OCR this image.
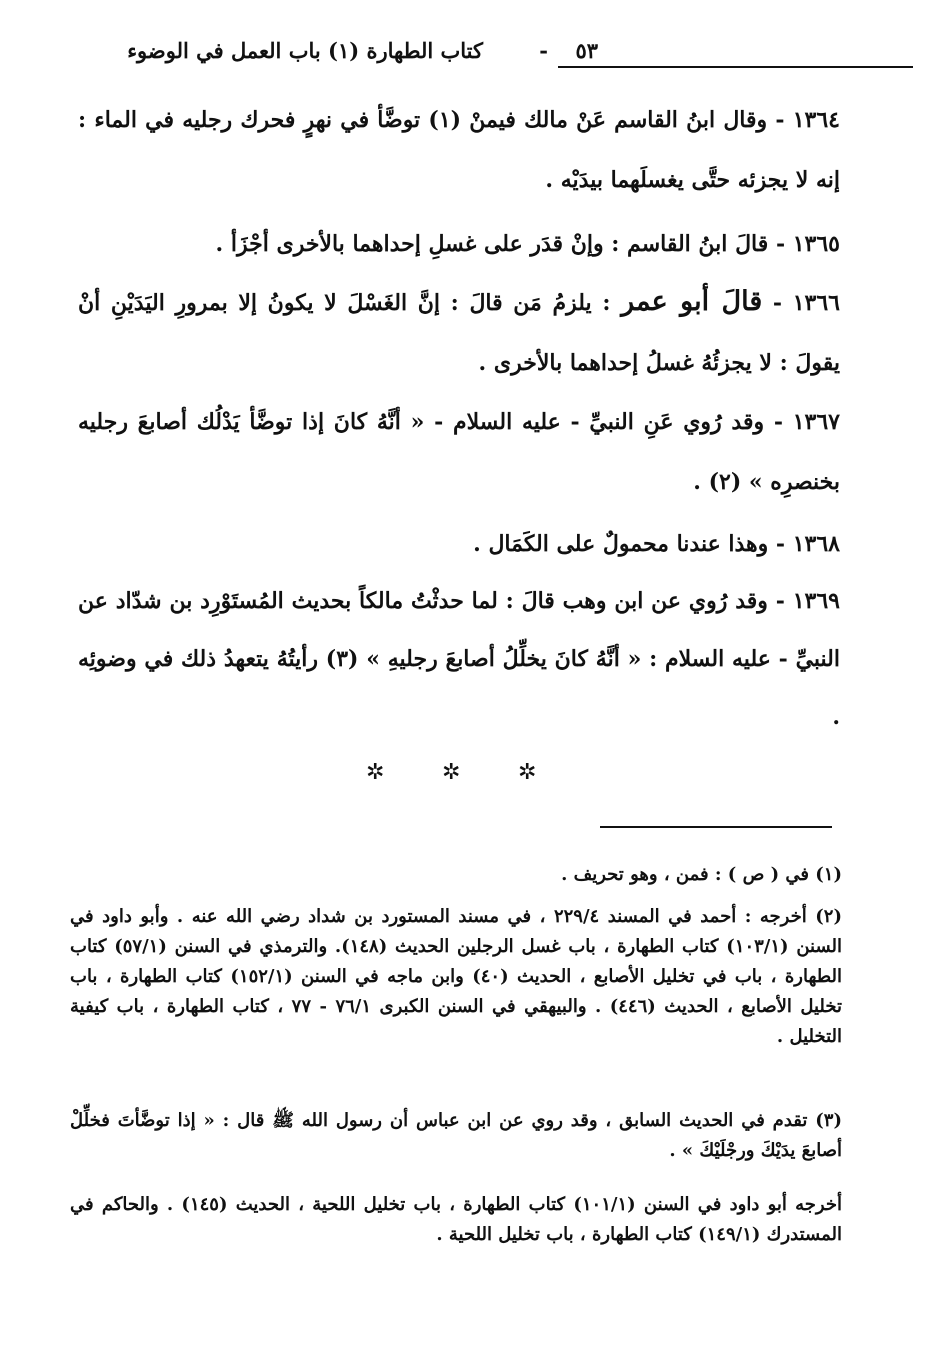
كتاب الطهارة (١) باب العمل في الوضوء	- ٥٣
١٣٦٤ - وقال ابنُ القاسم عَنْ مالك فيمنْ (١) توضَّأ في نهرٍ فحرك رجليه في الماء : إنه لا يجزئه حتَّى يغسلَهما بيدَيْه .
١٣٦٥ - قالَ ابنُ القاسم : وإنْ قدَر على غسلِ إحداهما بالأخرى أجْزَأ .
١٣٦٦ - قالَ أبو عمر : يلزمُ مَن قالَ : إنَّ الغَسْلَ لا يكونُ إلا بمرورِ اليَدَيْنِ أنْ يقولَ : لا يجزئُهُ غسلُ إحداهما بالأخرى .
١٣٦٧ - وقد رُوي عَنِ النبيِّ - عليه السلام - « أنَّهُ كانَ إذا توضَّأ يَدْلُك أصابعَ رجليه بخنصرِه » (٢) .
١٣٦٨ - وهذا عندنا محمولٌ على الكَمَال .
١٣٦٩ - وقد رُوي عن ابن وهب قالَ : لما حدثْتُ مالكاً بحديث المُستَوْرِد بن شدّاد عن النبيِّ - عليه السلام : « أنَّهُ كانَ يخلِّلُ أصابعَ رجليهِ » (٣) رأيتُهُ يتعهدُ ذلك في وضوئِه .
✲
✲
✲
(١) في ( ص ) : فمن ، وهو تحريف .
(٢) أخرجه : أحمد في المسند ٢٢٩/٤ ، في مسند المستورد بن شداد رضي الله عنه . وأبو داود في السنن (١٠٣/١) كتاب الطهارة ، باب غسل الرجلين الحديث (١٤٨). والترمذي في السنن (٥٧/١) كتاب الطهارة ، باب في تخليل الأصابع ، الحديث (٤٠) وابن ماجه في السنن (١٥٢/١) كتاب الطهارة ، باب تخليل الأصابع ، الحديث (٤٤٦) . والبيهقي في السنن الكبرى ٧٦/١ - ٧٧ ، كتاب الطهارة ، باب كيفية التخليل .
(٣) تقدم في الحديث السابق ، وقد روي عن ابن عباس أن رسول الله ﷺ قال : « إذا توضَّأتَ فخلِّلْ أصابعَ يدَيْكَ ورجْلَيْكَ » .
أخرجه أبو داود في السنن (١٠١/١) كتاب الطهارة ، باب تخليل اللحية ، الحديث (١٤٥) . والحاكم في المستدرك (١٤٩/١) كتاب الطهارة ، باب تخليل اللحية .
